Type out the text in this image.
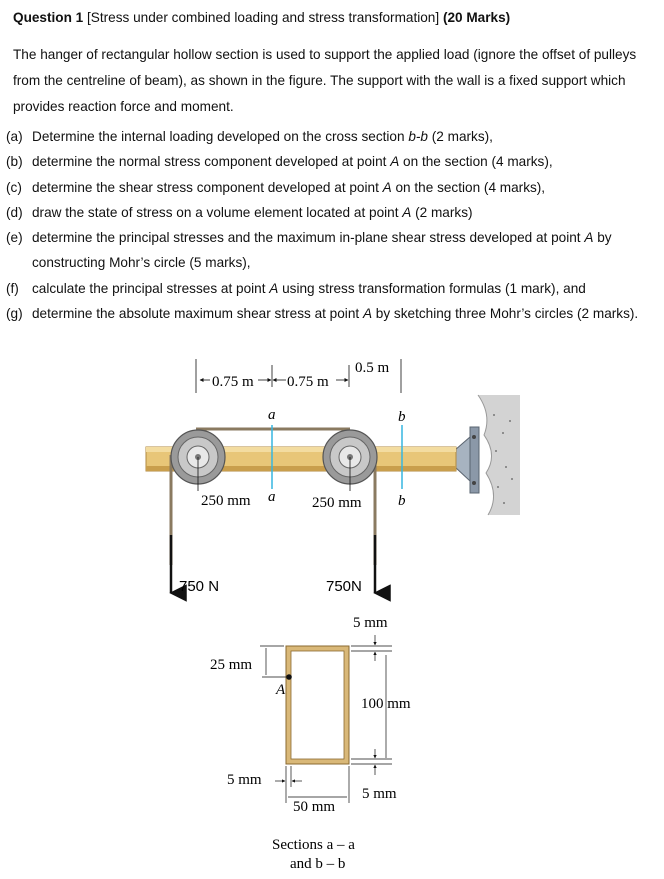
Question 1 [Stress under combined loading and stress transformation] (20 Marks)
The hanger of rectangular hollow section is used to support the applied load (ignore the offset of pulleys from the centreline of beam), as shown in the figure. The support with the wall is a fixed support which provides reaction force and moment.
(a) Determine the internal loading developed on the cross section b-b (2 marks),
(b) determine the normal stress component developed at point A on the section (4 marks),
(c) determine the shear stress component developed at point A on the section (4 marks),
(d) draw the state of stress on a volume element located at point A (2 marks)
(e) determine the principal stresses and the maximum in-plane shear stress developed at point A by constructing Mohr’s circle (5 marks),
(f) calculate the principal stresses at point A using stress transformation formulas (1 mark), and
(g) determine the absolute maximum shear stress at point A by sketching three Mohr’s circles (2 marks).
0.75 m 0.75 m
0.5 m
a
a
b
b
250 mm	250 mm
750 N	750N
A
25 mm
5 mm
100 mm
5 mm
5 mm
50 mm
Sections a – a
and b – b
